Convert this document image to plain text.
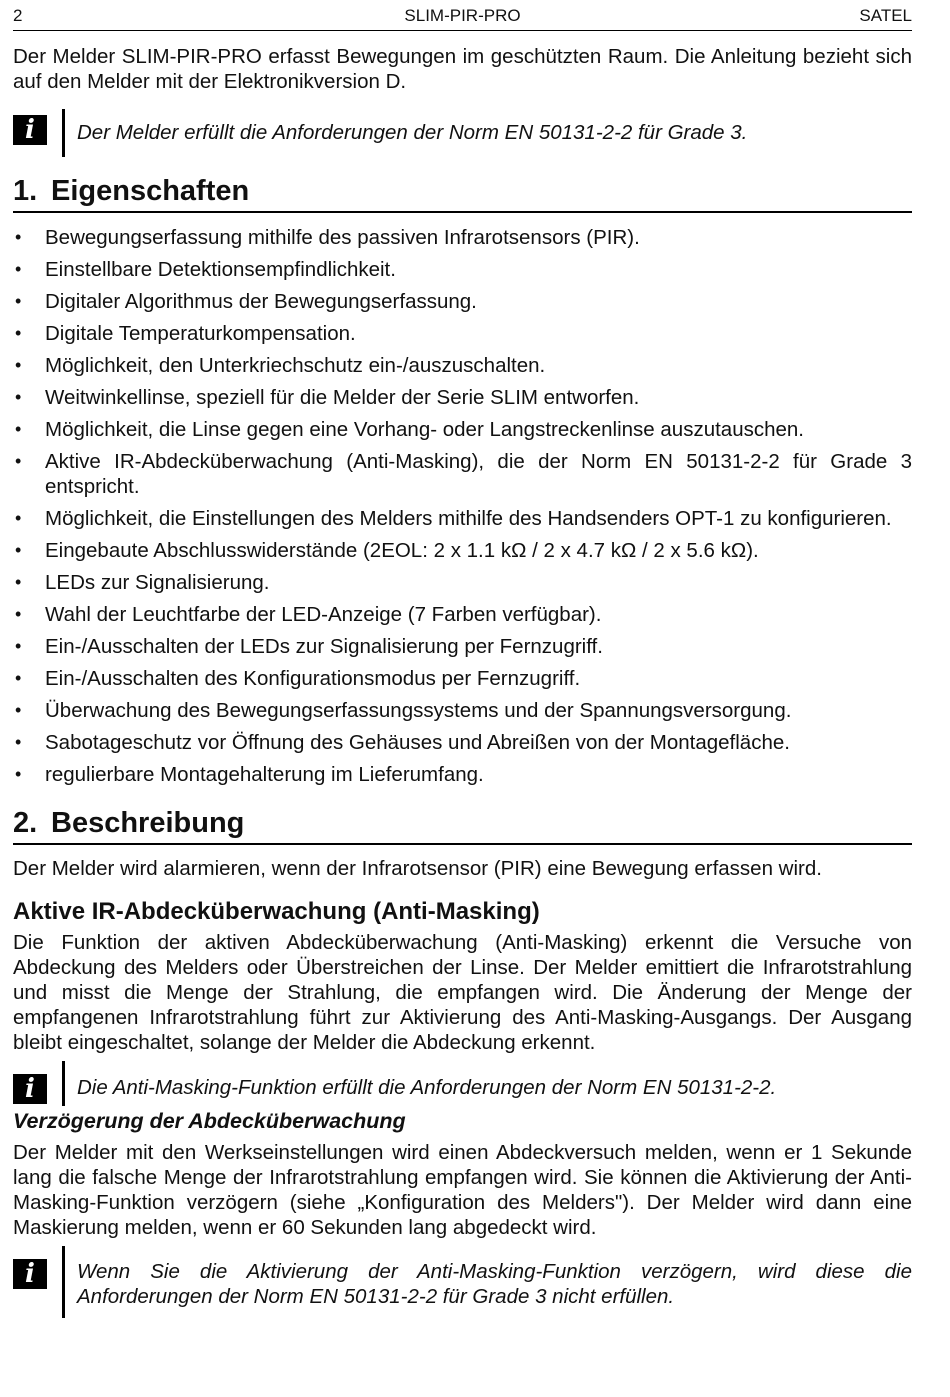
2	SLIM-PIR-PRO	SATEL

Der Melder SLIM-PIR-PRO erfasst Bewegungen im geschützten Raum. Die Anleitung bezieht sich auf den Melder mit der Elektronikversion D.

i	Der Melder erfüllt die Anforderungen der Norm EN 50131-2-2 für Grade 3.
1. Eigenschaften
• Bewegungserfassung mithilfe des passiven Infrarotsensors (PIR).
• Einstellbare Detektionsempfindlichkeit.
• Digitaler Algorithmus der Bewegungserfassung.
• Digitale Temperaturkompensation.
• Möglichkeit, den Unterkriechschutz ein-/auszuschalten.
• Weitwinkellinse, speziell für die Melder der Serie SLIM entworfen.
• Möglichkeit, die Linse gegen eine Vorhang- oder Langstreckenlinse auszutauschen.
• Aktive IR-Abdecküberwachung (Anti-Masking), die der Norm EN 50131-2-2 für Grade 3 entspricht.
• Möglichkeit, die Einstellungen des Melders mithilfe des Handsenders OPT-1 zu konfigurieren.
• Eingebaute Abschlusswiderstände (2EOL: 2 x 1.1 kΩ / 2 x 4.7 kΩ / 2 x 5.6 kΩ).
• LEDs zur Signalisierung.
• Wahl der Leuchtfarbe der LED-Anzeige (7 Farben verfügbar).
• Ein-/Ausschalten der LEDs zur Signalisierung per Fernzugriff.
• Ein-/Ausschalten des Konfigurationsmodus per Fernzugriff.
• Überwachung des Bewegungserfassungssystems und der Spannungsversorgung.
• Sabotageschutz vor Öffnung des Gehäuses und Abreißen von der Montagefläche.
• regulierbare Montagehalterung im Lieferumfang.
2. Beschreibung

Der Melder wird alarmieren, wenn der Infrarotsensor (PIR) eine Bewegung erfassen wird.

Aktive IR-Abdecküberwachung (Anti-Masking)

Die Funktion der aktiven Abdecküberwachung (Anti-Masking) erkennt die Versuche von Abdeckung des Melders oder Überstreichen der Linse. Der Melder emittiert die Infrarotstrahlung und misst die Menge der Strahlung, die empfangen wird. Die Änderung der Menge der empfangenen Infrarotstrahlung führt zur Aktivierung des Anti-Masking-Ausgangs. Der Ausgang bleibt eingeschaltet, solange der Melder die Abdeckung erkennt.

i	Die Anti-Masking-Funktion erfüllt die Anforderungen der Norm EN 50131-2-2.
Verzögerung der Abdecküberwachung

Der Melder mit den Werkseinstellungen wird einen Abdeckversuch melden, wenn er 1 Sekunde lang die falsche Menge der Infrarotstrahlung empfangen wird. Sie können die Aktivierung der Anti-Masking-Funktion verzögern (siehe „Konfiguration des Melders"). Der Melder wird dann eine Maskierung melden, wenn er 60 Sekunden lang abgedeckt wird.

i	Wenn Sie die Aktivierung der Anti-Masking-Funktion verzögern, wird diese die Anforderungen der Norm EN 50131-2-2 für Grade 3 nicht erfüllen.
